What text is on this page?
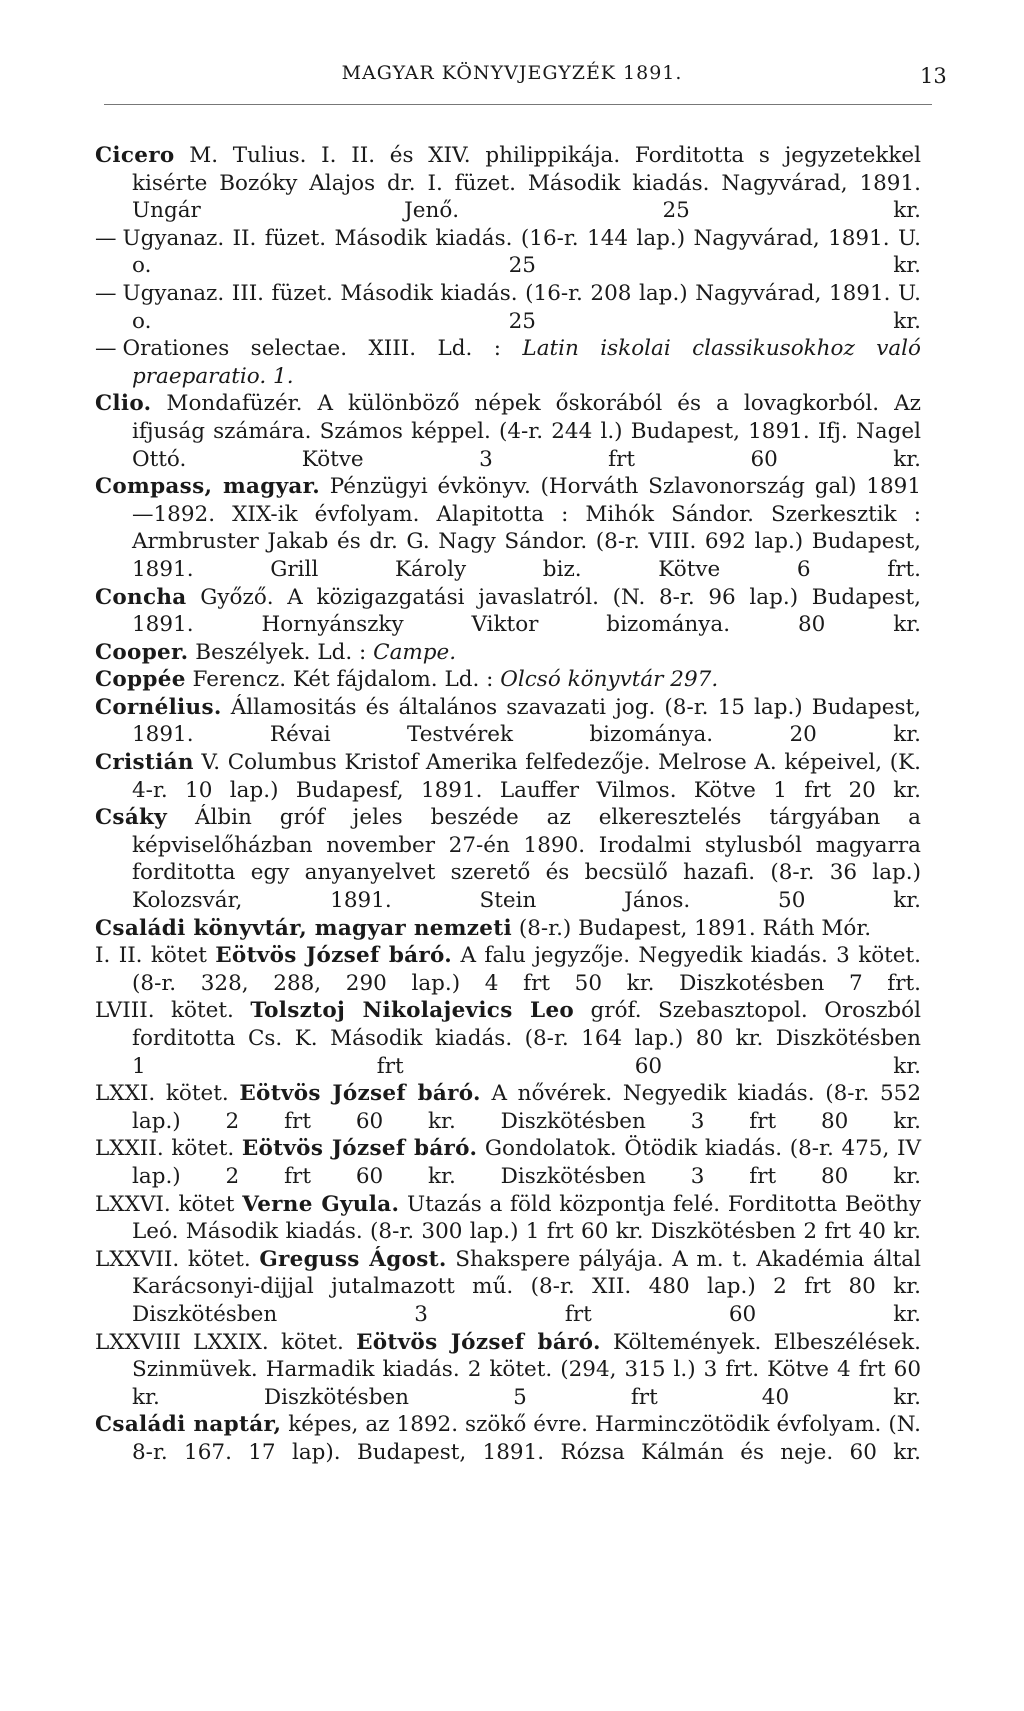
MAGYAR KÖNYVJEGYZÉK 1891.	13
Cicero M. Tulius. I. II. és XIV. philippikája. Forditotta s jegyzetekkel kisérte Bozóky Alajos dr. I. füzet. Második kiadás. Nagyvárad, 1891. Ungár Jenő. 25 kr.
— Ugyanaz. II. füzet. Második kiadás. (16-r. 144 lap.) Nagyvárad, 1891. U. o. 25 kr.
— Ugyanaz. III. füzet. Második kiadás. (16-r. 208 lap.) Nagyvárad, 1891. U. o. 25 kr.
— Orationes selectae. XIII. Ld. : Latin iskolai classikusokhoz való praeparatio. 1.
Clio. Mondafüzér. A különböző népek őskorából és a lovagkorból. Az ifjuság számára. Számos képpel. (4-r. 244 l.) Budapest, 1891. Ifj. Nagel Ottó. Kötve 3 frt 60 kr.
Compass, magyar. Pénzügyi évkönyv. (Horváth Szlavonország gal) 1891—1892. XIX-ik évfolyam. Alapitotta : Mihók Sándor. Szerkesztik : Armbruster Jakab és dr. G. Nagy Sándor. (8-r. VIII. 692 lap.) Budapest, 1891. Grill Károly biz. Kötve 6 frt.
Concha Győző. A közigazgatási javaslatról. (N. 8-r. 96 lap.) Budapest, 1891. Hornyánszky Viktor bizománya. 80 kr.
Cooper. Beszélyek. Ld. : Campe.
Coppée Ferencz. Két fájdalom. Ld. : Olcsó könyvtár 297.
Cornélius. Államositás és általános szavazati jog. (8-r. 15 lap.) Budapest, 1891. Révai Testvérek bizománya. 20 kr.
Cristián V. Columbus Kristof Amerika felfedezője. Melrose A. képeivel, (K. 4-r. 10 lap.) Budapesf, 1891. Lauffer Vilmos. Kötve 1 frt 20 kr.
Csáky Álbin gróf jeles beszéde az elkeresztelés tárgyában a képviselőházban november 27-én 1890. Irodalmi stylusból magyarra forditotta egy anyanyelvet szerető és becsülő hazafi. (8-r. 36 lap.) Kolozsvár, 1891. Stein János. 50 kr.
Családi könyvtár, magyar nemzeti (8-r.) Budapest, 1891. Ráth Mór.
I. II. kötet Eötvös József báró. A falu jegyzője. Negyedik kiadás. 3 kötet. (8-r. 328, 288, 290 lap.) 4 frt 50 kr. Diszkotésben 7 frt.
LVIII. kötet. Tolsztoj Nikolajevics Leo gróf. Szebasztopol. Oroszból forditotta Cs. K. Második kiadás. (8-r. 164 lap.) 80 kr. Diszkötésben 1 frt 60 kr.
LXXI. kötet. Eötvös József báró. A nővérek. Negyedik kiadás. (8-r. 552 lap.) 2 frt 60 kr. Diszkötésben 3 frt 80 kr.
LXXII. kötet. Eötvös József báró. Gondolatok. Ötödik kiadás. (8-r. 475, IV lap.) 2 frt 60 kr. Diszkötésben 3 frt 80 kr.
LXXVI. kötet Verne Gyula. Utazás a föld központja felé. Forditotta Beöthy Leó. Második kiadás. (8-r. 300 lap.) 1 frt 60 kr. Diszkötésben 2 frt 40 kr.
LXXVII. kötet. Greguss Ágost. Shakspere pályája. A m. t. Akadémia által Karácsonyi-dijjal jutalmazott mű. (8-r. XII. 480 lap.) 2 frt 80 kr. Diszkötésben 3 frt 60 kr.
LXXVIII LXXIX. kötet. Eötvös József báró. Költemények. Elbeszélések. Szinmüvek. Harmadik kiadás. 2 kötet. (294, 315 l.) 3 frt. Kötve 4 frt 60 kr. Diszkötésben 5 frt 40 kr.
Családi naptár, képes, az 1892. szökő évre. Harminczötödik évfolyam. (N. 8-r. 167. 17 lap). Budapest, 1891. Rózsa Kálmán és neje. 60 kr.
